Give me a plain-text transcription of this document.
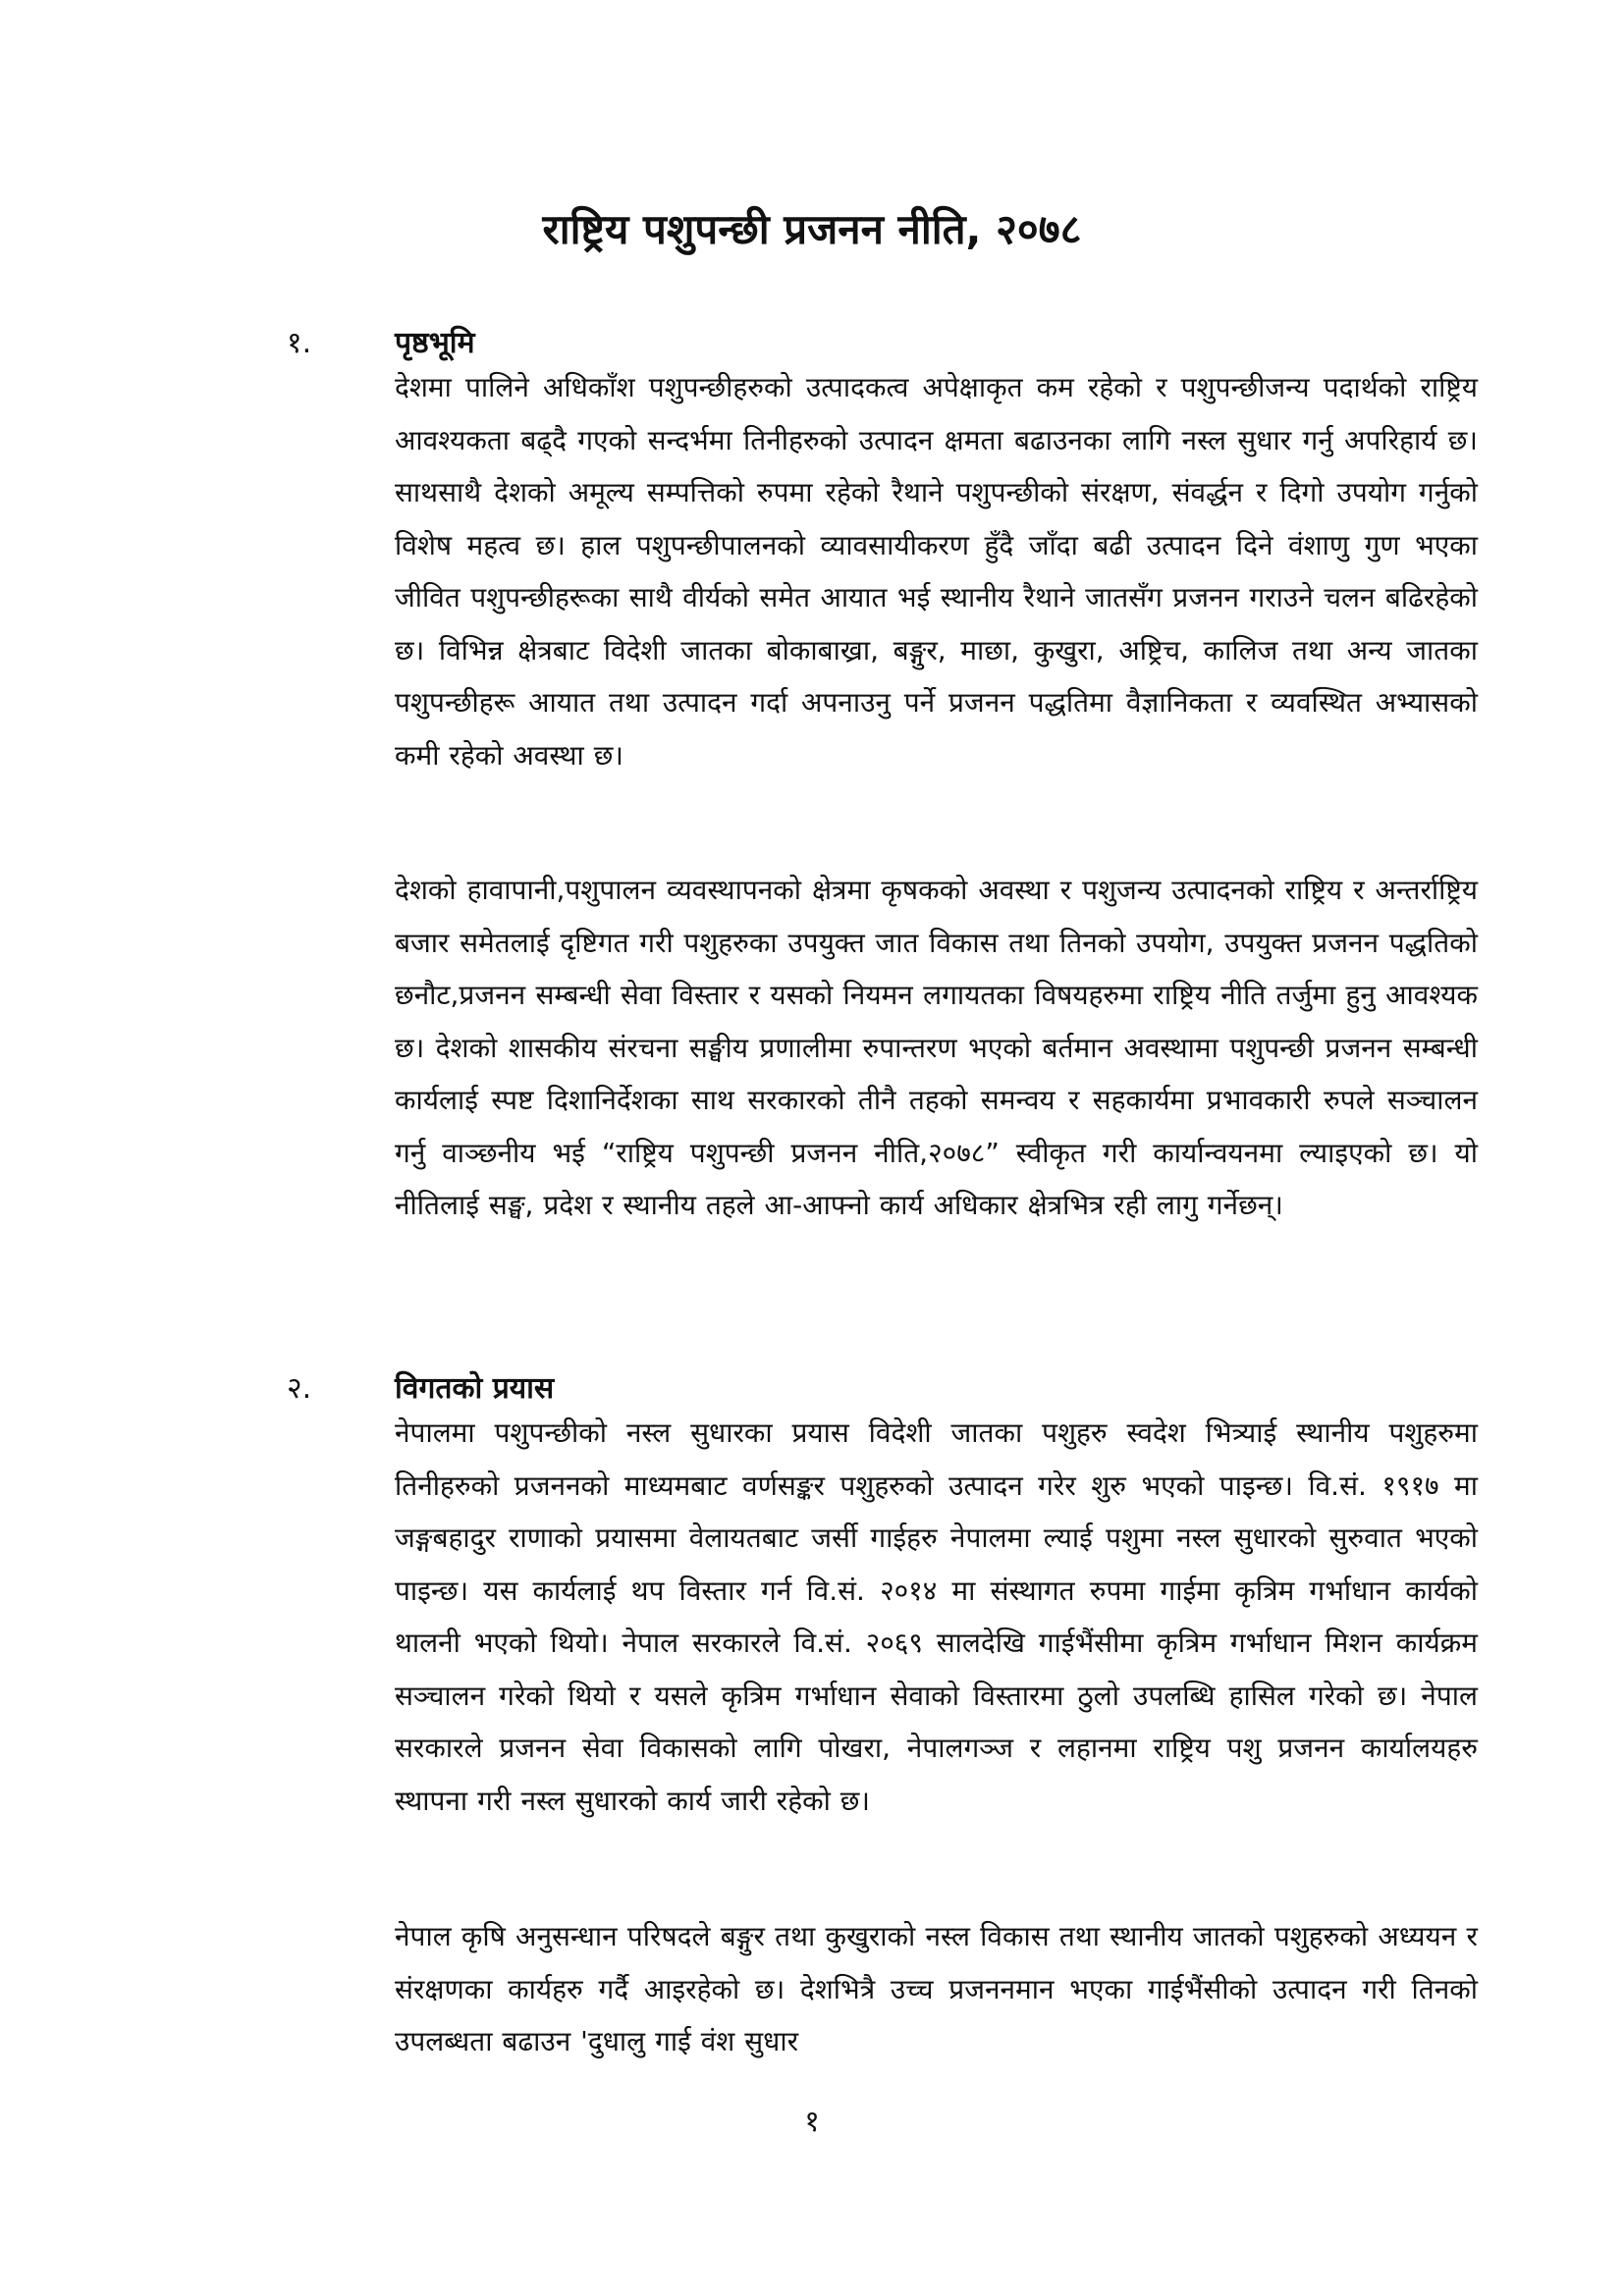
राष्ट्रिय पशुपन्छी प्रजनन नीति, २०७८
१.	पृष्ठभूमि

देशमा पालिने अधिकाँश पशुपन्छीहरुको उत्पादकत्व अपेक्षाकृत कम रहेको र पशुपन्छीजन्य पदार्थको राष्ट्रिय आवश्यकता बढ्दै गएको सन्दर्भमा तिनीहरुको उत्पादन क्षमता बढाउनका लागि नस्ल सुधार गर्नु अपरिहार्य छ। साथसाथै देशको अमूल्य सम्पत्तिको रुपमा रहेको रैथाने पशुपन्छीको संरक्षण, संवर्द्धन र दिगो उपयोग गर्नुको विशेष महत्व छ। हाल पशुपन्छीपालनको व्यावसायीकरण हुँदै जाँदा बढी उत्पादन दिने वंशाणु गुण भएका जीवित पशुपन्छीहरूका साथै वीर्यको समेत आयात भई स्थानीय रैथाने जातसँग प्रजनन गराउने चलन बढिरहेको छ। विभिन्न क्षेत्रबाट विदेशी जातका बोकाबाख्रा, बङ्गुर, माछा, कुखुरा, अष्ट्रिच, कालिज तथा अन्य जातका पशुपन्छीहरू आयात तथा उत्पादन गर्दा अपनाउनु पर्ने प्रजनन पद्धतिमा वैज्ञानिकता र व्यवस्थित अभ्यासको कमी रहेको अवस्था छ।

देशको हावापानी,पशुपालन व्यवस्थापनको क्षेत्रमा कृषकको अवस्था र पशुजन्य उत्पादनको राष्ट्रिय र अन्तर्राष्ट्रिय बजार समेतलाई दृष्टिगत गरी पशुहरुका उपयुक्त जात विकास तथा तिनको उपयोग, उपयुक्त प्रजनन पद्धतिको छनौट,प्रजनन सम्बन्धी सेवा विस्तार र यसको नियमन लगायतका विषयहरुमा राष्ट्रिय नीति तर्जुमा हुनु आवश्यक छ। देशको शासकीय संरचना सङ्घीय प्रणालीमा रुपान्तरण भएको बर्तमान अवस्थामा पशुपन्छी प्रजनन सम्बन्धी कार्यलाई स्पष्ट दिशानिर्देशका साथ सरकारको तीनै तहको समन्वय र सहकार्यमा प्रभावकारी रुपले सञ्चालन गर्नु वाञ्छनीय भई “राष्ट्रिय पशुपन्छी प्रजनन नीति,२०७८” स्वीकृत गरी कार्यान्वयनमा ल्याइएको छ। यो नीतिलाई सङ्घ, प्रदेश र स्थानीय तहले आ-आफ्नो कार्य अधिकार क्षेत्रभित्र रही लागु गर्नेछन्।

२.	विगतको प्रयास

नेपालमा पशुपन्छीको नस्ल सुधारका प्रयास विदेशी जातका पशुहरु स्वदेश भित्र्याई स्थानीय पशुहरुमा तिनीहरुको प्रजननको माध्यमबाट वर्णसङ्कर पशुहरुको उत्पादन गरेर शुरु भएको पाइन्छ। वि.सं. १९१७ मा जङ्गबहादुर राणाको प्रयासमा वेलायतबाट जर्सी गाईहरु नेपालमा ल्याई पशुमा नस्ल सुधारको सुरुवात भएको पाइन्छ। यस कार्यलाई थप विस्तार गर्न वि.सं. २०१४ मा संस्थागत रुपमा गाईमा कृत्रिम गर्भाधान कार्यको थालनी भएको थियो। नेपाल सरकारले वि.सं. २०६९ सालदेखि गाईभैंसीमा कृत्रिम गर्भाधान मिशन कार्यक्रम सञ्चालन गरेको थियो र यसले कृत्रिम गर्भाधान सेवाको विस्तारमा ठुलो उपलब्धि हासिल गरेको छ। नेपाल सरकारले प्रजनन सेवा विकासको लागि पोखरा, नेपालगञ्ज र लहानमा राष्ट्रिय पशु प्रजनन कार्यालयहरु स्थापना गरी नस्ल सुधारको कार्य जारी रहेको छ।

नेपाल कृषि अनुसन्धान परिषदले बङ्गुर तथा कुखुराको नस्ल विकास तथा स्थानीय जातको पशुहरुको अध्ययन र संरक्षणका कार्यहरु गर्दै आइरहेको छ। देशभित्रै उच्च प्रजननमान भएका गाईभैंसीको उत्पादन गरी तिनको उपलब्धता बढाउन 'दुधालु गाई वंश सुधार

१
